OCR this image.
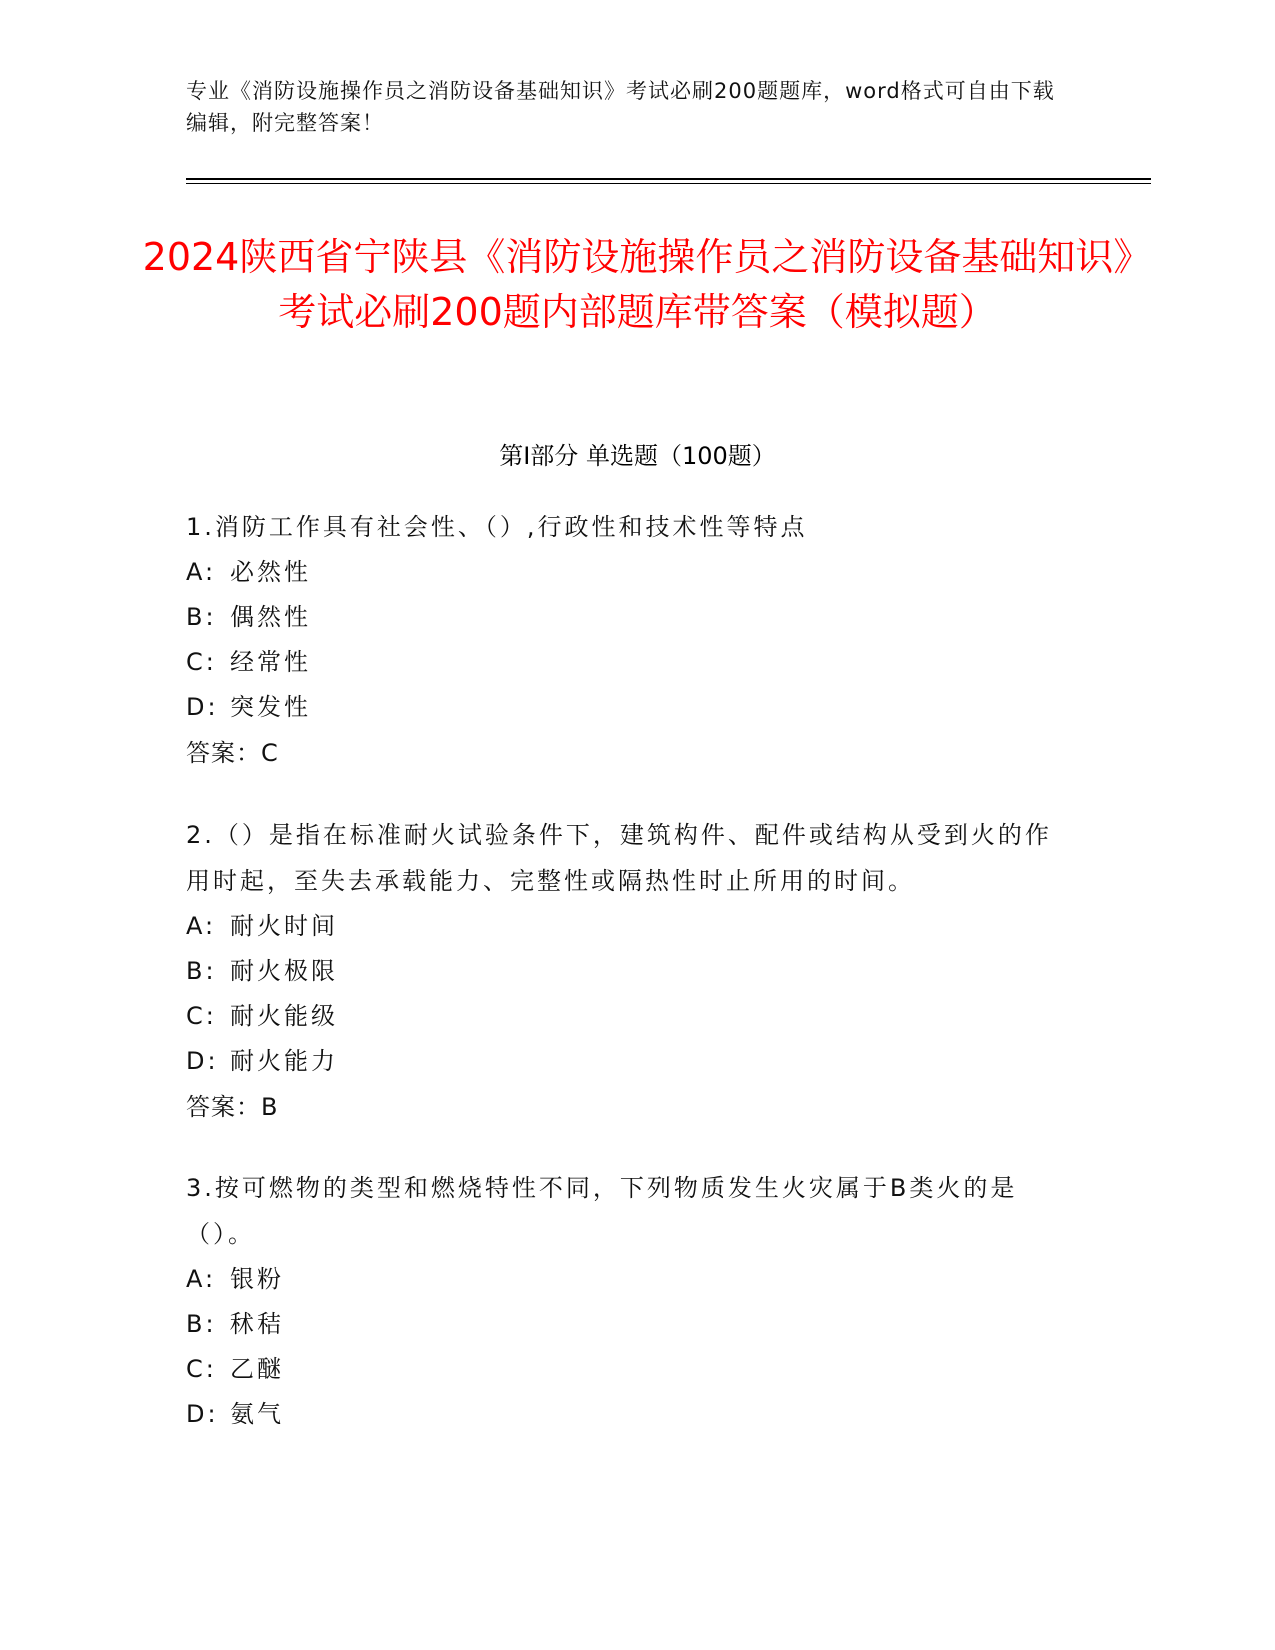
专业《消防设施操作员之消防设备基础知识》考试必刷200题题库，word格式可自由下载编辑，附完整答案！
2024陕西省宁陕县《消防设施操作员之消防设备基础知识》考试必刷200题内部题库带答案（模拟题）
第Ⅰ部分 单选题（100题）
1.消防工作具有社会性、（）,行政性和技术性等特点
A: 必然性
B: 偶然性
C: 经常性
D: 突发性
答案：C
2.（）是指在标准耐火试验条件下，建筑构件、配件或结构从受到火的作用时起，至失去承载能力、完整性或隔热性时止所用的时间。
A: 耐火时间
B: 耐火极限
C: 耐火能级
D: 耐火能力
答案：B
3.按可燃物的类型和燃烧特性不同，下列物质发生火灾属于B类火的是（）。
A: 银粉
B: 秫秸
C: 乙醚
D: 氨气
